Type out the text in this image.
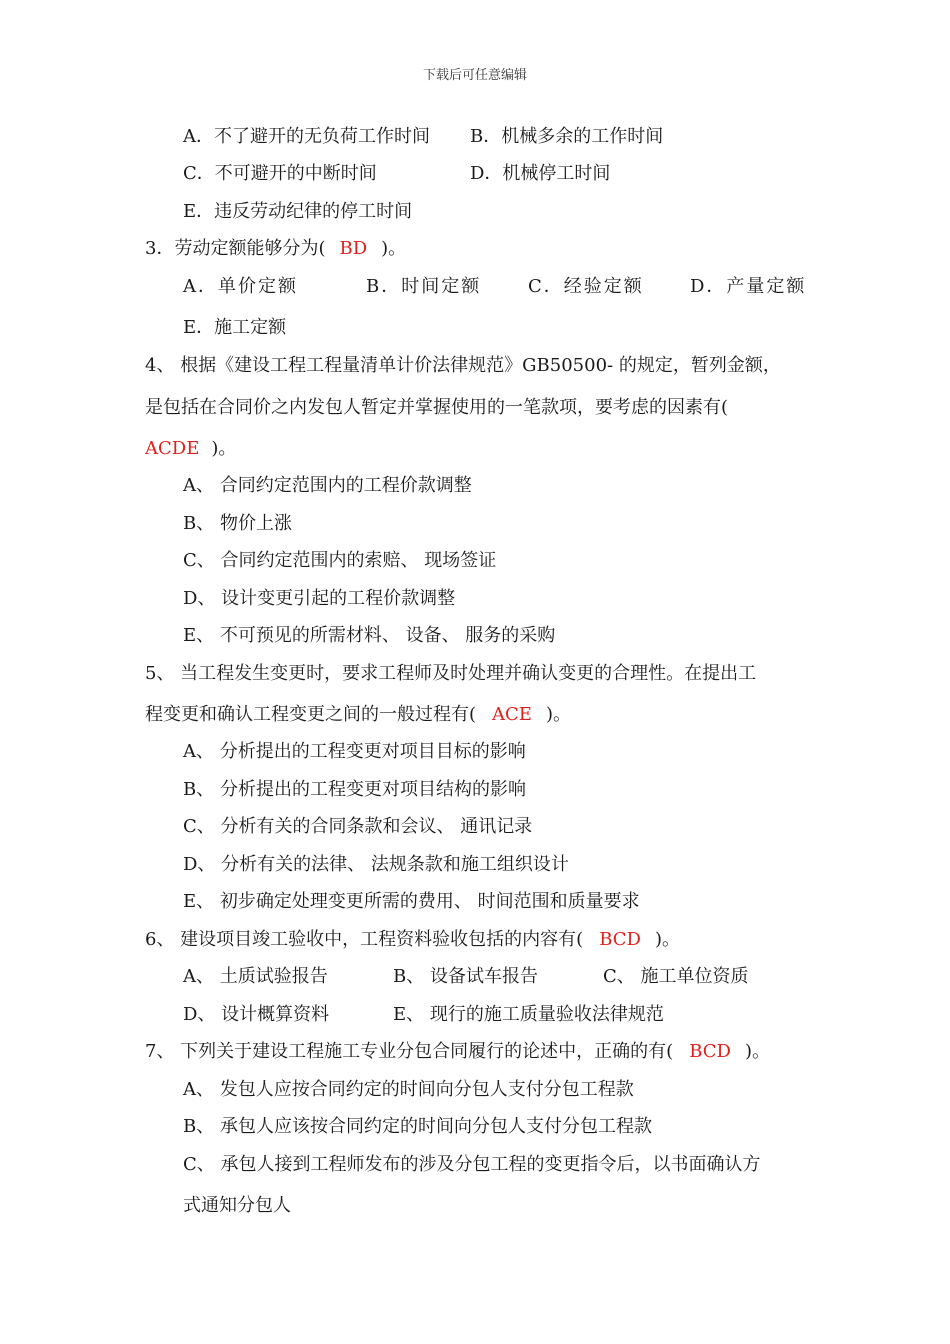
下载后可任意编辑
A．不了避开的无负荷工作时间 B．机械多余的工作时间
C．不可避开的中断时间	D．机械停工时间
E．违反劳动纪律的停工时间
3．劳动定额能够分为( BD )。
A．单价定额	B．时间定额	C．经验定额	D．产量定额
E．施工定额
4、 根据《建设工程工程量清单计价法律规范》GB50500- 的规定，暂列金额，
是包括在合同价之内发包人暂定并掌握使用的一笔款项，要考虑的因素有(
ACDE )。
A、 合同约定范围内的工程价款调整
B、 物价上涨
C、 合同约定范围内的索赔、 现场签证
D、 设计变更引起的工程价款调整
E、 不可预见的所需材料、 设备、 服务的采购
5、 当工程发生变更时，要求工程师及时处理并确认变更的合理性。在提出工
程变更和确认工程变更之间的一般过程有( ACE )。
A、 分析提出的工程变更对项目目标的影响
B、 分析提出的工程变更对项目结构的影响
C、 分析有关的合同条款和会议、 通讯记录
D、 分析有关的法律、 法规条款和施工组织设计
E、 初步确定处理变更所需的费用、 时间范围和质量要求
6、 建设项目竣工验收中，工程资料验收包括的内容有( BCD )。
A、 土质试验报告	B、 设备试车报告	C、 施工单位资质
D、 设计概算资料	E、 现行的施工质量验收法律规范
7、 下列关于建设工程施工专业分包合同履行的论述中，正确的有( BCD )。
A、 发包人应按合同约定的时间向分包人支付分包工程款
B、 承包人应该按合同约定的时间向分包人支付分包工程款
C、 承包人接到工程师发布的涉及分包工程的变更指令后，以书面确认方
式通知分包人
